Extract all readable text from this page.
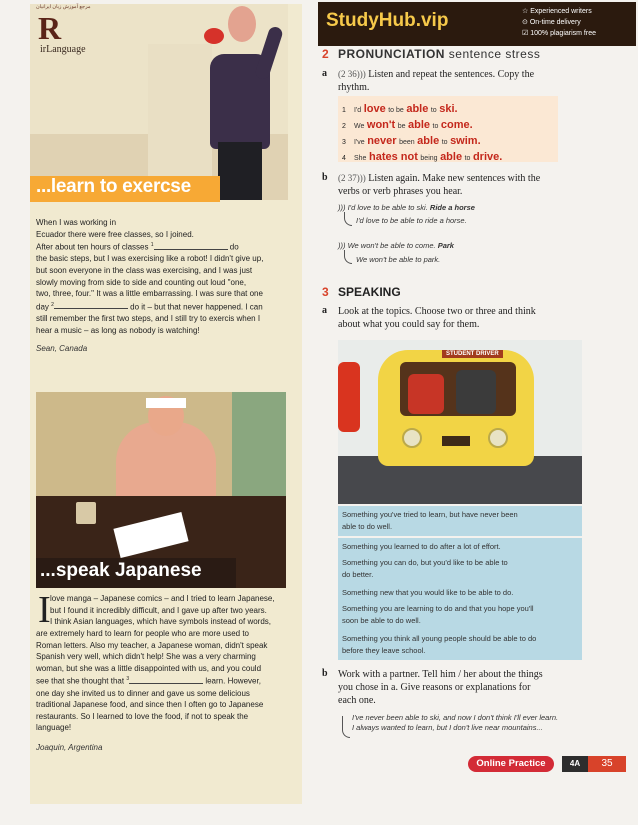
مرجع آموزش زبان ایرانیان
R
irLanguage
...learn to exercse
When I was working in
Ecuador there were free classes, so I joined.
After about ten hours of classes $^1$	do
the basic steps, but I was exercising like a robot! I didn't give up,
but soon everyone in the class was exercising, and I was just
slowly moving from side to side and counting out loud "one,
two, three, four." It was a little embarrassing. I was sure that one
day $^2$	do it – but that never happened. I can
still remember the first two steps, and I still try to exercis when I
hear a music – as long as nobody is watching!
Sean, Canada
...speak Japanese
I love manga – Japanese comics – and I tried to learn Japanese,
but I found it incredibly difficult, and I gave up after two years.
I think Asian languages, which have symbols instead of words,
are extremely hard to learn for people who are more used to
Roman letters. Also my teacher, a Japanese woman, didn't speak
Spanish very well, which didn't help! She was a very charming
woman, but she was a little disappointed with us, and you could
see that she thought that $^3$	learn. However,
one day she invited us to dinner and gave us some delicious
traditional Japanese food, and since then I often go to Japanese
restaurants. So I learned to love the food, if not to speak the
language!
Joaquin, Argentina
StudyHub.vip	☆ Experienced writers
⊙ On-time delivery
☑ 100% plagiarism free
2 PRONUNCIATION sentence stress
a (2 36))) Listen and repeat the sentences. Copy the
rhythm.
1 I'd love to be able to ski.
2 We won't be able to come.
3 I've never been able to swim.
4 She hates not being able to drive.
b (2 37))) Listen again. Make new sentences with the
verbs or verb phrases you hear.
))) I'd love to be able to ski. Ride a horse
I'd love to be able to ride a horse.
))) We won't be able to come. Park
We won't be able to park.
3 SPEAKING
a Look at the topics. Choose two or three and think
about what you could say for them.
STUDENT DRIVER
Something you've tried to learn, but have never been
able to do well.
Something you learned to do after a lot of effort.
Something you can do, but you'd like to be able to
do better.
Something new that you would like to be able to do.
Something you are learning to do and that you hope you'll
soon be able to do well.
Something you think all young people should be able to do
before they leave school.
b Work with a partner. Tell him / her about the things
you chose in a. Give reasons or explanations for
each one.
I've never been able to ski, and now I don't think I'll ever learn.
I always wanted to learn, but I don't live near mountains...
Online Practice	4A	35
